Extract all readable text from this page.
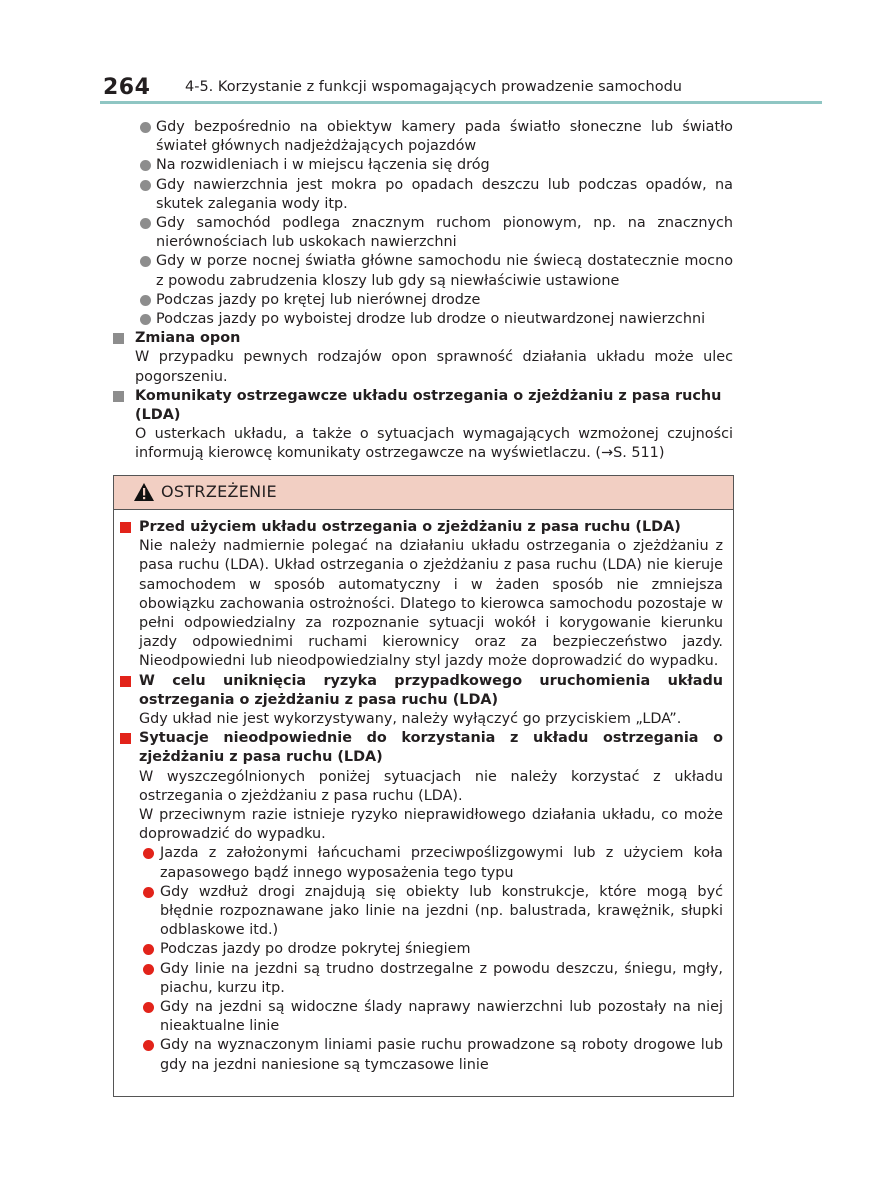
264 4-5. Korzystanie z funkcji wspomagających prowadzenie samochodu
Gdy bezpośrednio na obiektyw kamery pada światło słoneczne lub światło świateł głównych nadjeżdżających pojazdów
Na rozwidleniach i w miejscu łączenia się dróg
Gdy nawierzchnia jest mokra po opadach deszczu lub podczas opadów, na skutek zalegania wody itp.
Gdy samochód podlega znacznym ruchom pionowym, np. na znacznych nierównościach lub uskokach nawierzchni
Gdy w porze nocnej światła główne samochodu nie świecą dostatecznie mocno z powodu zabrudzenia kloszy lub gdy są niewłaściwie ustawione
Podczas jazdy po krętej lub nierównej drodze
Podczas jazdy po wyboistej drodze lub drodze o nieutwardzonej nawierzchni
Zmiana opon
W przypadku pewnych rodzajów opon sprawność działania układu może ulec pogorszeniu.
Komunikaty ostrzegawcze układu ostrzegania o zjeżdżaniu z pasa ruchu (LDA)
O usterkach układu, a także o sytuacjach wymagających wzmożonej czujności informują kierowcę komunikaty ostrzegawcze na wyświetlaczu. (→S. 511)
OSTRZEŻENIE
Przed użyciem układu ostrzegania o zjeżdżaniu z pasa ruchu (LDA)
Nie należy nadmiernie polegać na działaniu układu ostrzegania o zjeżdżaniu z pasa ruchu (LDA). Układ ostrzegania o zjeżdżaniu z pasa ruchu (LDA) nie kieruje samochodem w sposób automatyczny i w żaden sposób nie zmniejsza obowiązku zachowania ostrożności. Dlatego to kierowca samochodu pozostaje w pełni odpowiedzialny za rozpoznanie sytuacji wokół i korygowanie kierunku jazdy odpowiednimi ruchami kierownicy oraz za bezpieczeństwo jazdy. Nieodpowiedni lub nieodpowiedzialny styl jazdy może doprowadzić do wypadku.
W celu uniknięcia ryzyka przypadkowego uruchomienia układu ostrzegania o zjeżdżaniu z pasa ruchu (LDA)
Gdy układ nie jest wykorzystywany, należy wyłączyć go przyciskiem „LDA”.
Sytuacje nieodpowiednie do korzystania z układu ostrzegania o zjeżdżaniu z pasa ruchu (LDA)
W wyszczególnionych poniżej sytuacjach nie należy korzystać z układu ostrzegania o zjeżdżaniu z pasa ruchu (LDA).
W przeciwnym razie istnieje ryzyko nieprawidłowego działania układu, co może doprowadzić do wypadku.
Jazda z założonymi łańcuchami przeciwpoślizgowymi lub z użyciem koła zapasowego bądź innego wyposażenia tego typu
Gdy wzdłuż drogi znajdują się obiekty lub konstrukcje, które mogą być błędnie rozpoznawane jako linie na jezdni (np. balustrada, krawężnik, słupki odblaskowe itd.)
Podczas jazdy po drodze pokrytej śniegiem
Gdy linie na jezdni są trudno dostrzegalne z powodu deszczu, śniegu, mgły, piachu, kurzu itp.
Gdy na jezdni są widoczne ślady naprawy nawierzchni lub pozostały na niej nieaktualne linie
Gdy na wyznaczonym liniami pasie ruchu prowadzone są roboty drogowe lub gdy na jezdni naniesione są tymczasowe linie
